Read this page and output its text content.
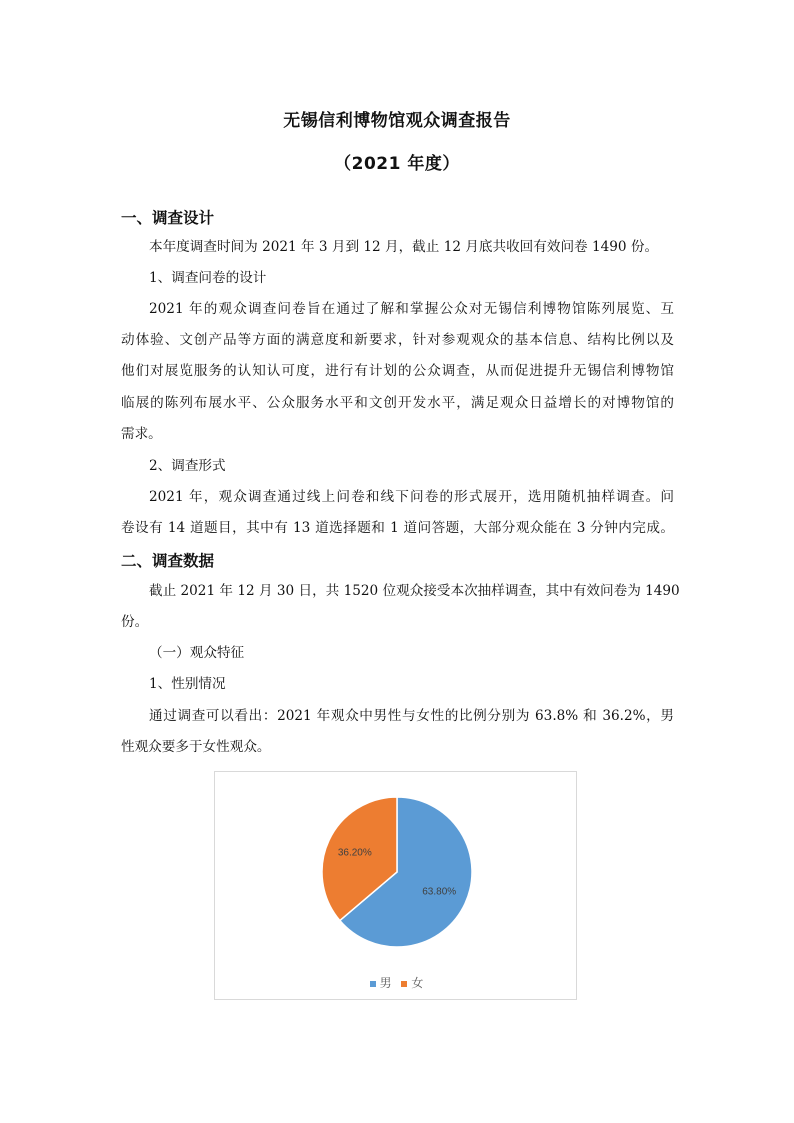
无锡信利博物馆观众调查报告
（2021 年度）
一、调查设计
本年度调查时间为 2021 年 3 月到 12 月，截止 12 月底共收回有效问卷 1490 份。
1、调查问卷的设计
2021 年的观众调查问卷旨在通过了解和掌握公众对无锡信利博物馆陈列展览、互
动体验、文创产品等方面的满意度和新要求，针对参观观众的基本信息、结构比例以及
他们对展览服务的认知认可度，进行有计划的公众调查，从而促进提升无锡信利博物馆
临展的陈列布展水平、公众服务水平和文创开发水平，满足观众日益增长的对博物馆的
需求。
2、调查形式
2021 年，观众调查通过线上问卷和线下问卷的形式展开，选用随机抽样调查。问
卷设有 14 道题目，其中有 13 道选择题和 1 道问答题，大部分观众能在 3 分钟内完成。
二、调查数据
截止 2021 年 12 月 30 日，共 1520 位观众接受本次抽样调查，其中有效问卷为 1490
份。
（一）观众特征
1、性别情况
通过调查可以看出：2021 年观众中男性与女性的比例分别为 63.8% 和 36.2%，男
性观众要多于女性观众。
63.80%
36.20%
男 女
